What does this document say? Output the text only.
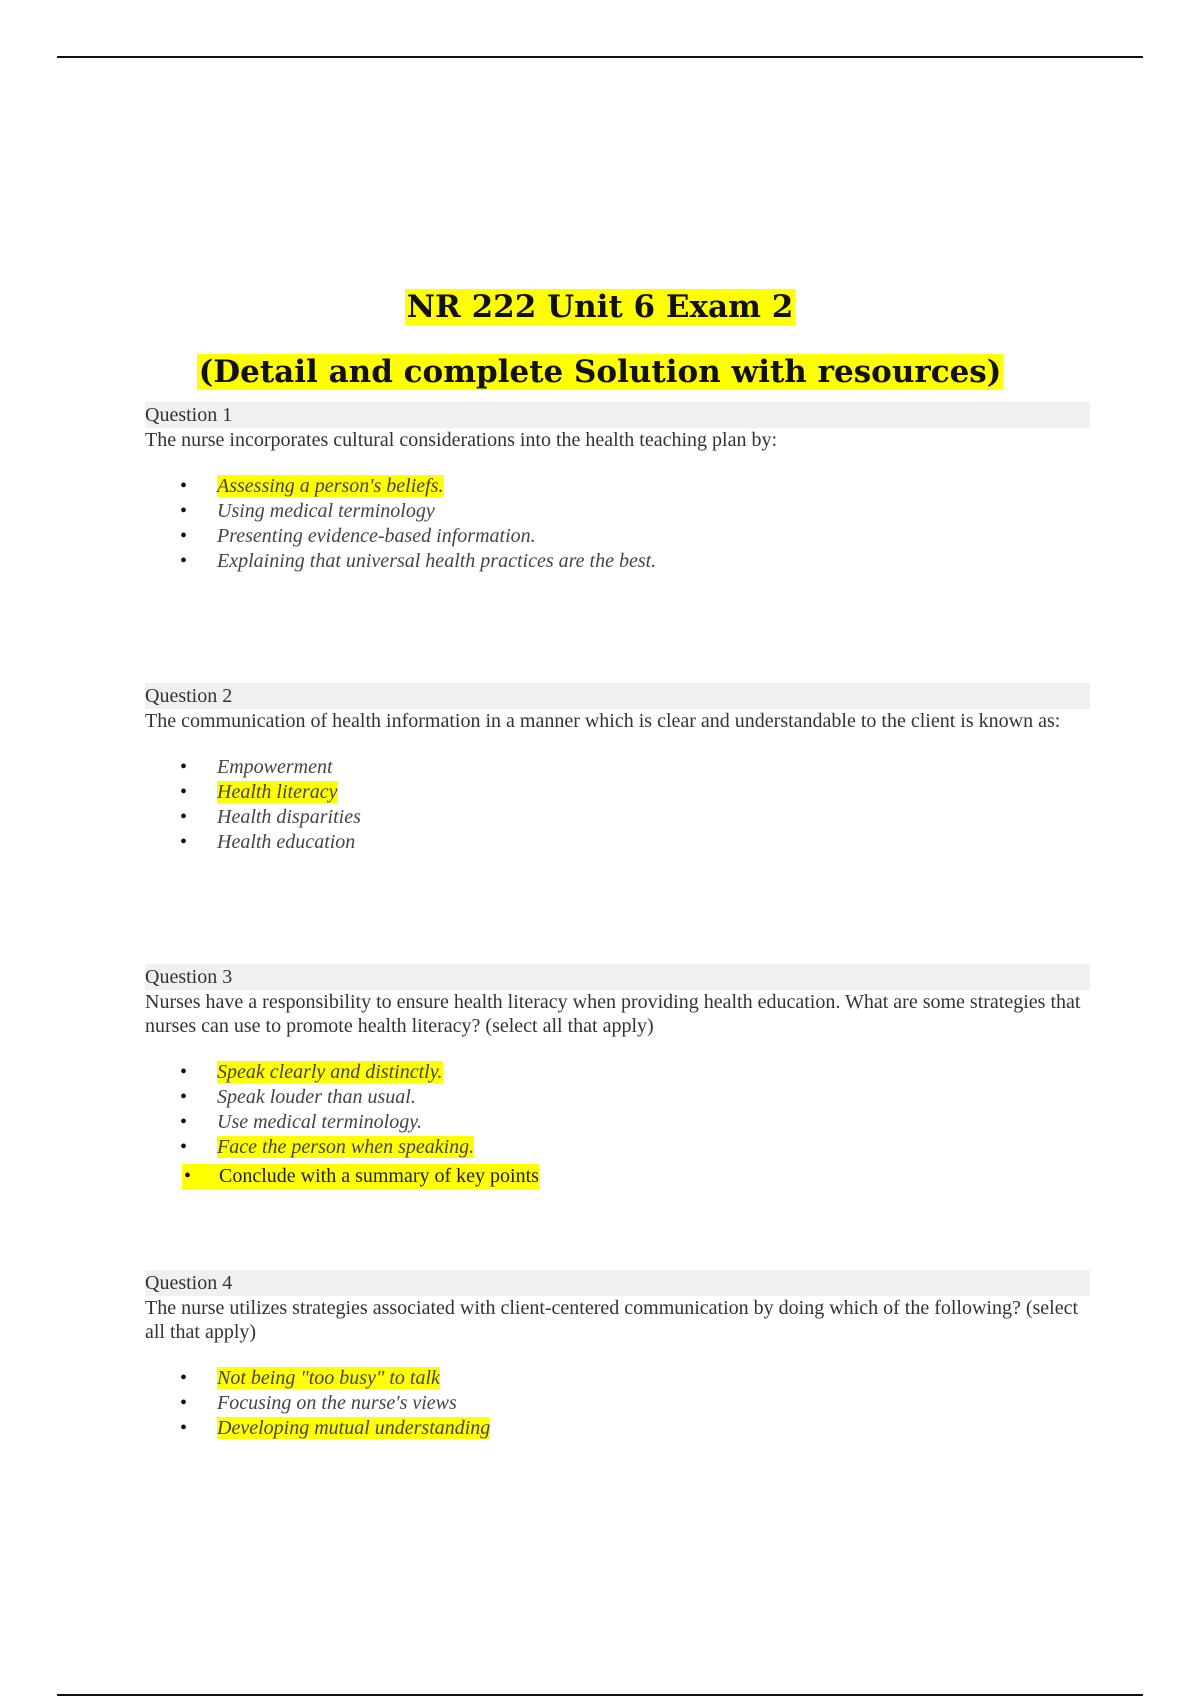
NR 222 Unit 6 Exam 2
(Detail and complete Solution with resources)
Question 1
The nurse incorporates cultural considerations into the health teaching plan by:
• Assessing a person's beliefs.
• Using medical terminology
• Presenting evidence-based information.
• Explaining that universal health practices are the best.
Question 2
The communication of health information in a manner which is clear and understandable to the client is known as:
• Empowerment
• Health literacy
• Health disparities
• Health education
Question 3
Nurses have a responsibility to ensure health literacy when providing health education. What are some strategies that nurses can use to promote health literacy? (select all that apply)
• Speak clearly and distinctly.
• Speak louder than usual.
• Use medical terminology.
• Face the person when speaking.
• Conclude with a summary of key points
Question 4
The nurse utilizes strategies associated with client-centered communication by doing which of the following? (select all that apply)
• Not being "too busy" to talk
• Focusing on the nurse's views
• Developing mutual understanding
